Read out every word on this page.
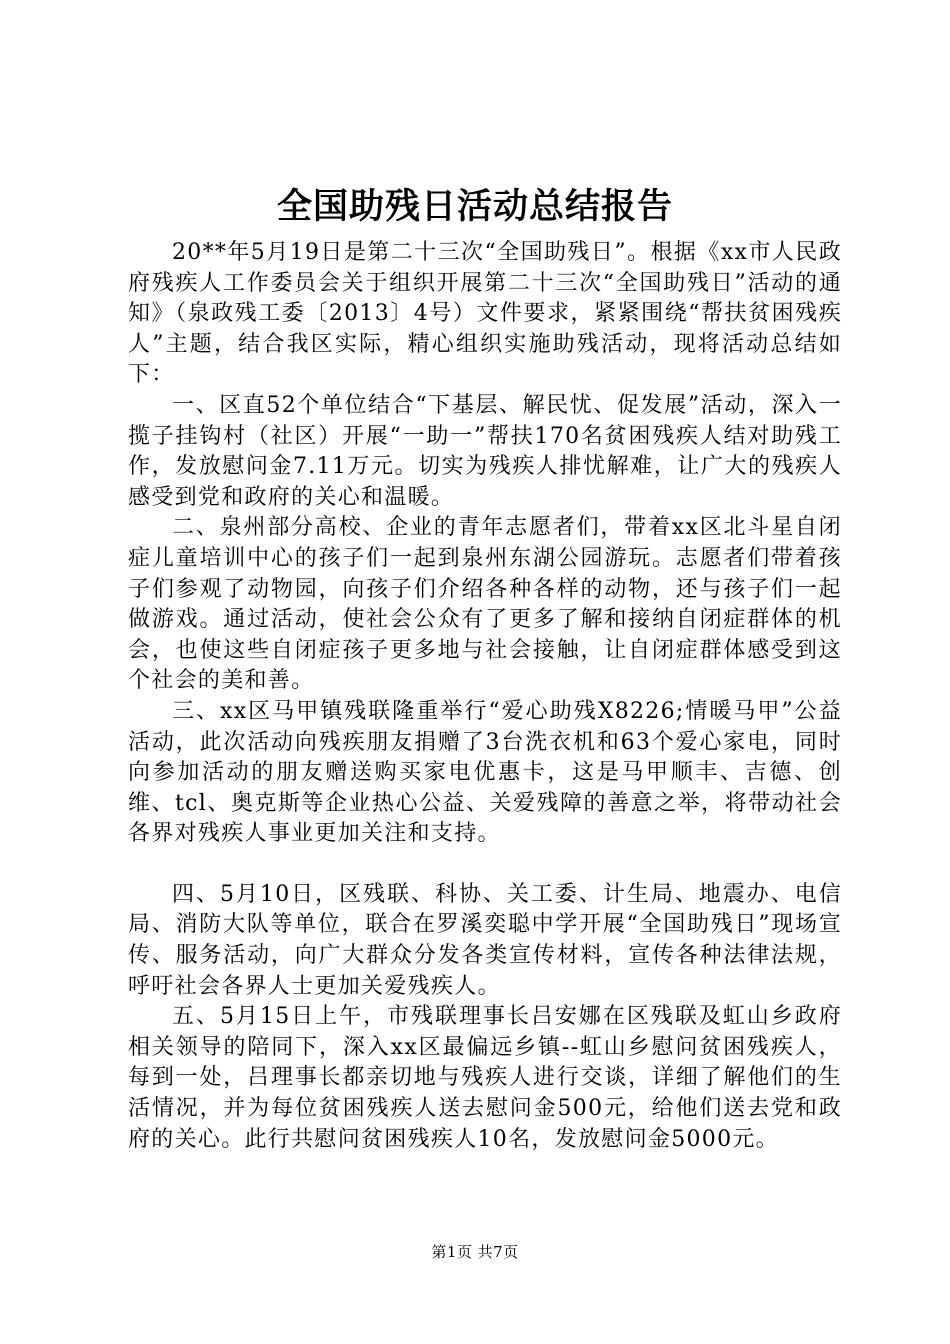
全国助残日活动总结报告

20**年5月19日是第二十三次“全国助残日”。根据《xx市人民政府残疾人工作委员会关于组织开展第二十三次“全国助残日”活动的通知》（泉政残工委〔2013〕4号）文件要求，紧紧围绕“帮扶贫困残疾人”主题，结合我区实际，精心组织实施助残活动，现将活动总结如下：

一、区直52个单位结合“下基层、解民忧、促发展”活动，深入一揽子挂钩村（社区）开展“一助一”帮扶170名贫困残疾人结对助残工作，发放慰问金7.11万元。切实为残疾人排忧解难，让广大的残疾人感受到党和政府的关心和温暖。

二、泉州部分高校、企业的青年志愿者们，带着xx区北斗星自闭症儿童培训中心的孩子们一起到泉州东湖公园游玩。志愿者们带着孩子们参观了动物园，向孩子们介绍各种各样的动物，还与孩子们一起做游戏。通过活动，使社会公众有了更多了解和接纳自闭症群体的机会，也使这些自闭症孩子更多地与社会接触，让自闭症群体感受到这个社会的美和善。

三、xx区马甲镇残联隆重举行“爱心助残X8226;情暖马甲”公益活动，此次活动向残疾朋友捐赠了3台洗衣机和63个爱心家电，同时向参加活动的朋友赠送购买家电优惠卡，这是马甲顺丰、吉德、创维、tcl、奥克斯等企业热心公益、关爱残障的善意之举，将带动社会各界对残疾人事业更加关注和支持。

四、5月10日，区残联、科协、关工委、计生局、地震办、电信局、消防大队等单位，联合在罗溪奕聪中学开展“全国助残日”现场宣传、服务活动，向广大群众分发各类宣传材料，宣传各种法律法规，呼吁社会各界人士更加关爱残疾人。

五、5月15日上午，市残联理事长吕安娜在区残联及虹山乡政府相关领导的陪同下，深入xx区最偏远乡镇--虹山乡慰问贫困残疾人，每到一处，吕理事长都亲切地与残疾人进行交谈，详细了解他们的生活情况，并为每位贫困残疾人送去慰问金500元，给他们送去党和政府的关心。此行共慰问贫困残疾人10名，发放慰问金5000元。

第1页 共7页
